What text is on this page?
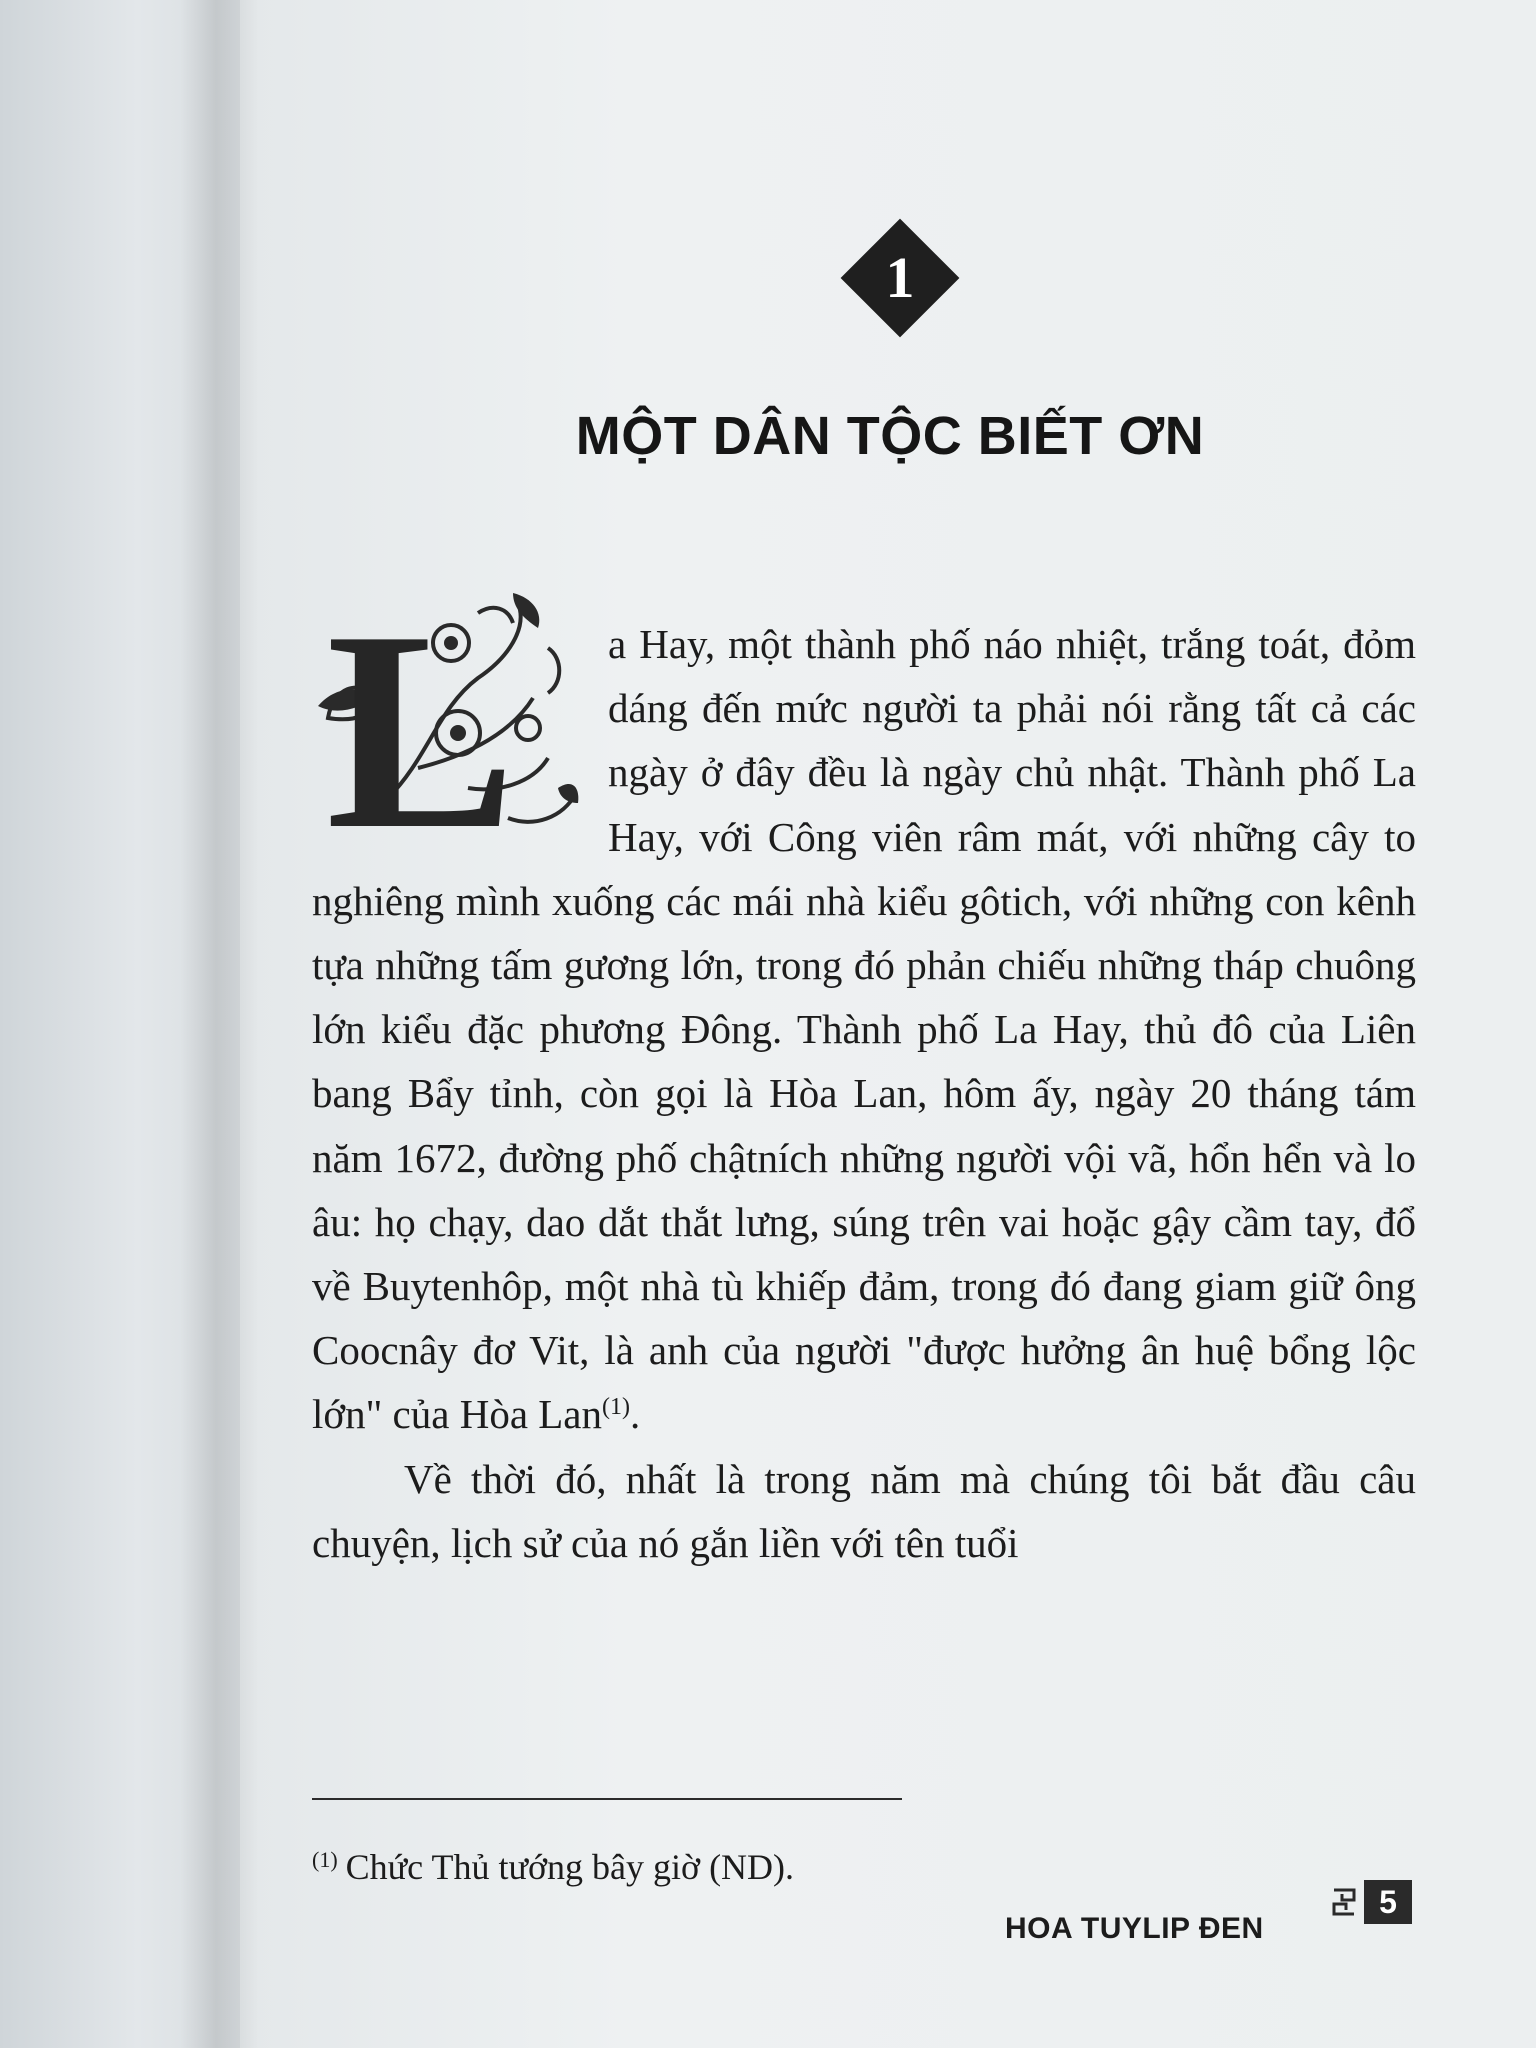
1
MỘT DÂN TỘC BIẾT ƠN
L	a Hay, một thành phố náo nhiệt, trắng toát, đỏm dáng đến mức người ta phải nói rằng tất cả các ngày ở đây đều là ngày chủ nhật. Thành phố La Hay, với Công viên râm mát, với những cây to nghiêng mình xuống các mái nhà kiểu gôtich, với những con kênh tựa những tấm gương lớn, trong đó phản chiếu những tháp chuông lớn kiểu đặc phương Đông. Thành phố La Hay, thủ đô của Liên bang Bẩy tỉnh, còn gọi là Hòa Lan, hôm ấy, ngày 20 tháng tám năm 1672, đường phố chậtních những người vội vã, hổn hển và lo âu: họ chạy, dao dắt thắt lưng, súng trên vai hoặc gậy cầm tay, đổ về Buytenhôp, một nhà tù khiếp đảm, trong đó đang giam giữ ông Coocnây đơ Vit, là anh của người "được hưởng ân huệ bổng lộc lớn" của Hòa Lan$^{(1)}$.

Về thời đó, nhất là trong năm mà chúng tôi bắt đầu câu chuyện, lịch sử của nó gắn liền với tên tuổi

$^{(1)}$ Chức Thủ tướng bây giờ (ND).

HOA TUYLIP ĐEN

5
